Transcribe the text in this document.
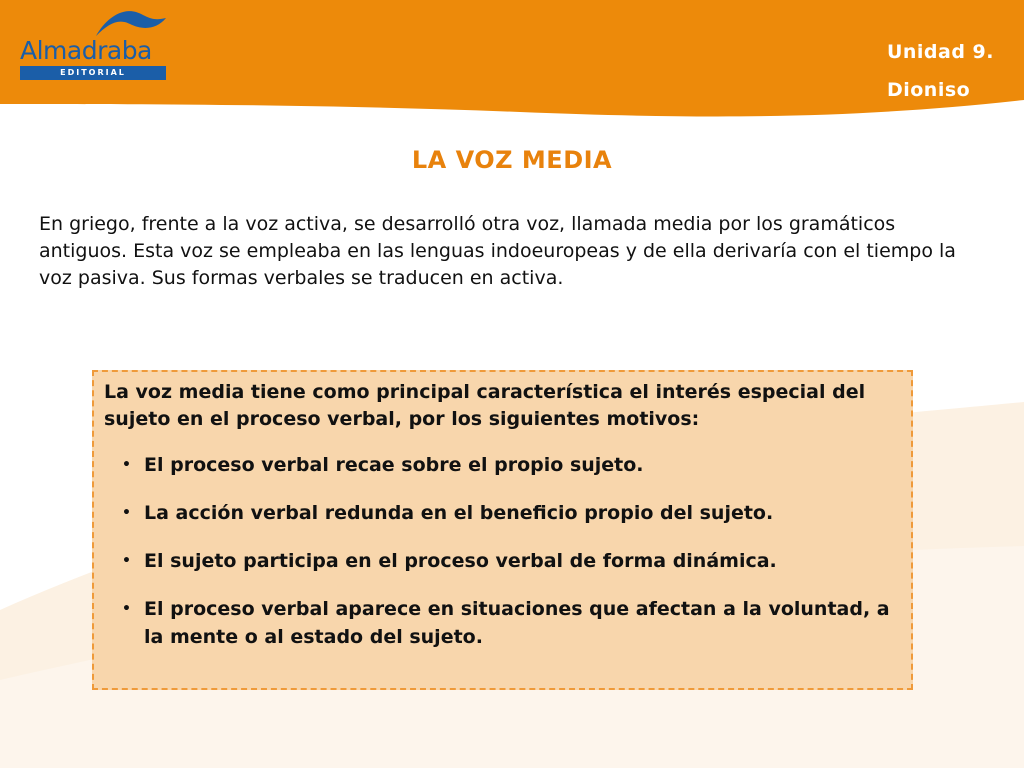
Almadraba
EDITORIAL
Unidad 9.
Dioniso
LA VOZ MEDIA
En griego, frente a la voz activa, se desarrolló otra voz, llamada media por los gramáticos antiguos. Esta voz se empleaba en las lenguas indoeuropeas y de ella derivaría con el tiempo la voz pasiva. Sus formas verbales se traducen en activa.
La voz media tiene como principal característica el interés especial del sujeto en el proceso verbal, por los siguientes motivos:
• El proceso verbal recae sobre el propio sujeto.
• La acción verbal redunda en el beneficio propio del sujeto.
• El sujeto participa en el proceso verbal de forma dinámica.
• El proceso verbal aparece en situaciones que afectan a la voluntad, a la mente o al estado del sujeto.
